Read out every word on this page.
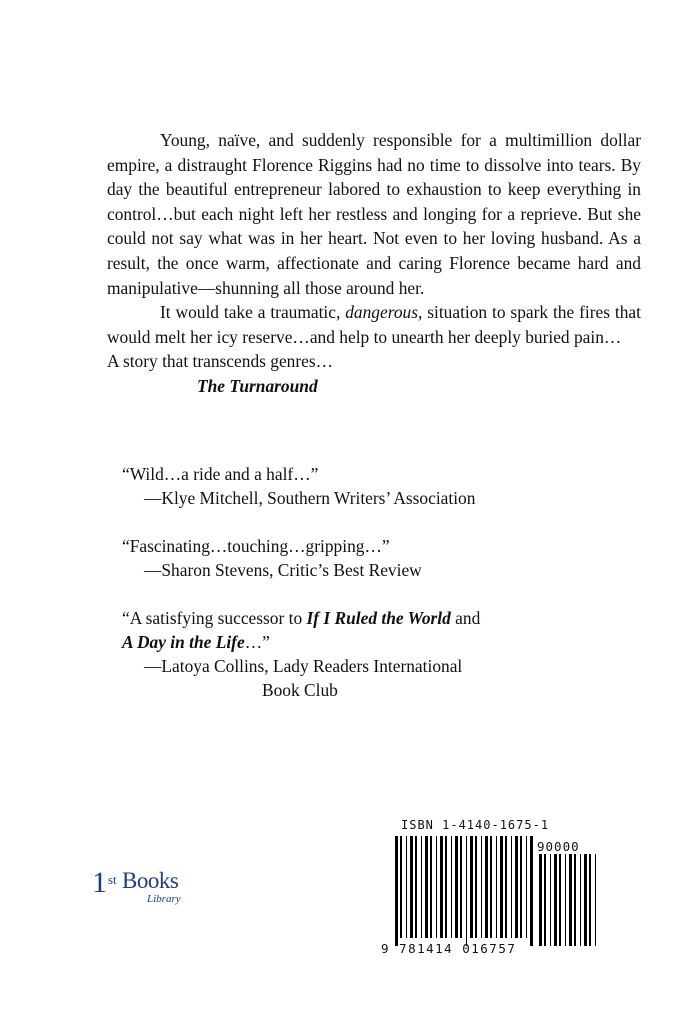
Young, naïve, and suddenly responsible for a multimillion dollar empire, a distraught Florence Riggins had no time to dissolve into tears. By day the beautiful entrepreneur labored to exhaustion to keep everything in control…but each night left her restless and longing for a reprieve. But she could not say what was in her heart. Not even to her loving husband. As a result, the once warm, affectionate and caring Florence became hard and manipulative—shunning all those around her.

It would take a traumatic, dangerous, situation to spark the fires that would melt her icy reserve…and help to unearth her deeply buried pain…

A story that transcends genres…

The Turnaround

“Wild…a ride and a half…”
—Klye Mitchell, Southern Writers’ Association
“Fascinating…touching…gripping…”
—Sharon Stevens, Critic’s Best Review
“A satisfying successor to If I Ruled the World and
A Day in the Life…”
—Latoya Collins, Lady Readers International
Book Club
1 st Books
Library
ISBN 1-4140-1675-1
90000
9 781414 016757
